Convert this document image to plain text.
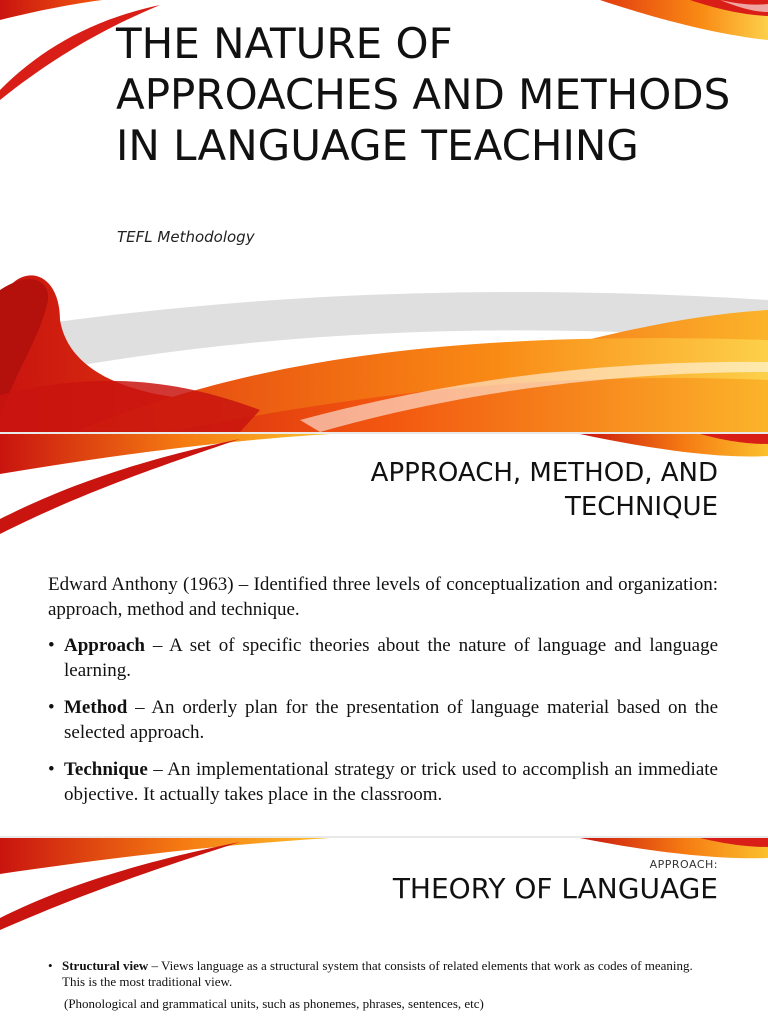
THE NATURE OF APPROACHES AND METHODS IN LANGUAGE TEACHING
TEFL Methodology
APPROACH, METHOD, AND
TECHNIQUE

Edward Anthony (1963) – Identified three levels of conceptualization and organization: approach, method and technique.

• Approach – A set of specific theories about the nature of language and language learning.
• Method – An orderly plan for the presentation of language material based on the selected approach.
• Technique – An implementational strategy or trick used to accomplish an immediate objective. It actually takes place in the classroom.
APPROACH:
THEORY OF LANGUAGE
• Structural view – Views language as a structural system that consists of related elements that work as codes of meaning. This is the most traditional view.
(Phonological and grammatical units, such as phonemes, phrases, sentences, etc)
